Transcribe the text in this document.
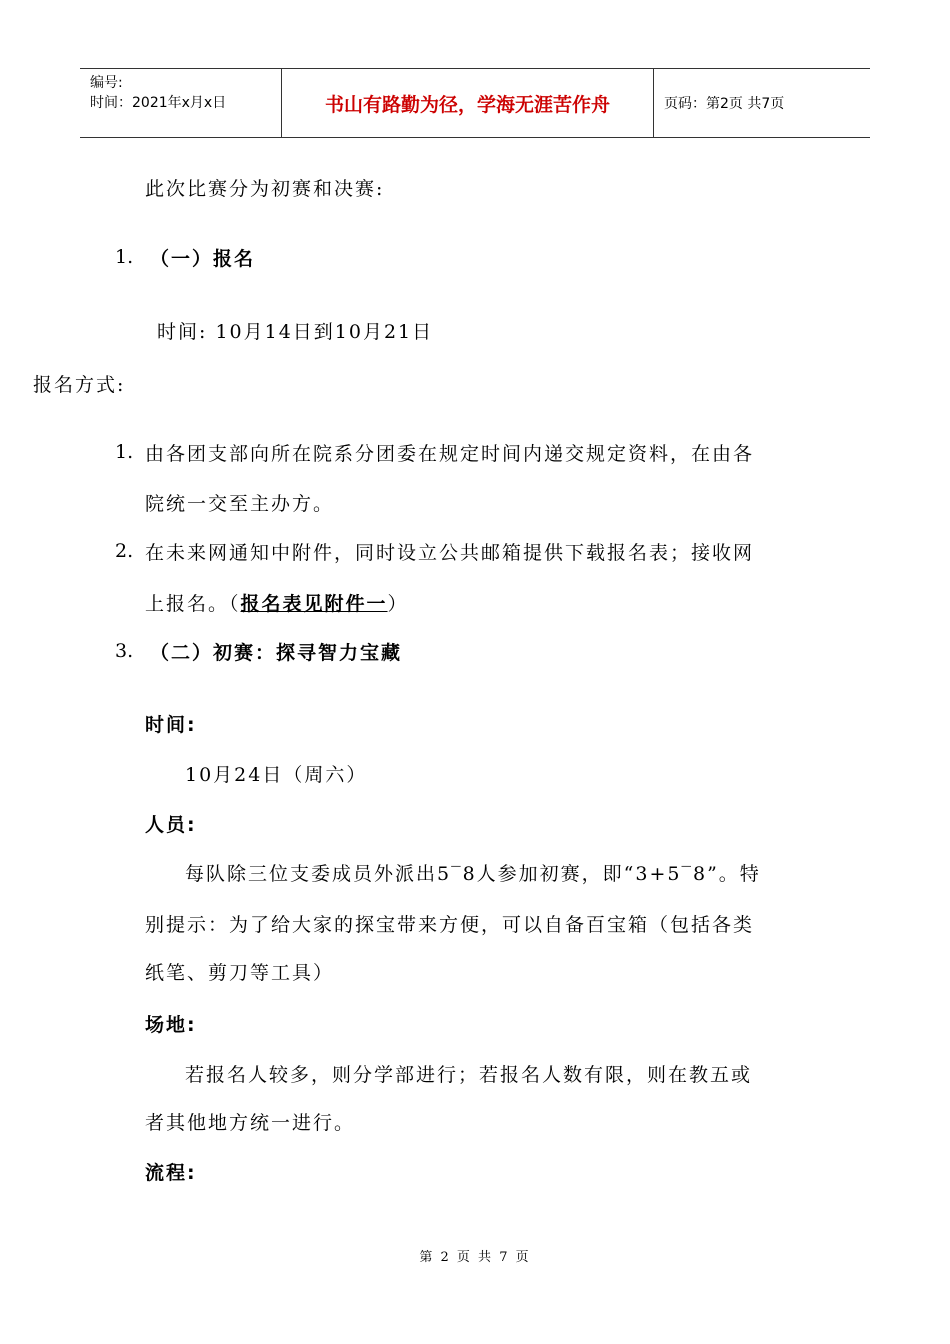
编号:
时间：2021年x月x日	书山有路勤为径，学海无涯苦作舟	页码：第2页 共7页
此次比赛分为初赛和决赛:
1. （一）报名
时间: 10月14日到10月21日
报名方式:
1. 由各团支部向所在院系分团委在规定时间内递交规定资料，在由各
院统一交至主办方。
2. 在未来网通知中附件，同时设立公共邮箱提供下载报名表；接收网
上报名。（报名表见附件一）
3. （二）初赛：探寻智力宝藏
时间:
10月24日（周六）
人员:
每队除三位支委成员外派出5‾8人参加初赛，即“3+5‾8”。特
别提示：为了给大家的探宝带来方便，可以自备百宝箱（包括各类
纸笔、剪刀等工具）
场地:
若报名人较多，则分学部进行；若报名人数有限，则在教五或
者其他地方统一进行。
流程:
第 2 页 共 7 页
